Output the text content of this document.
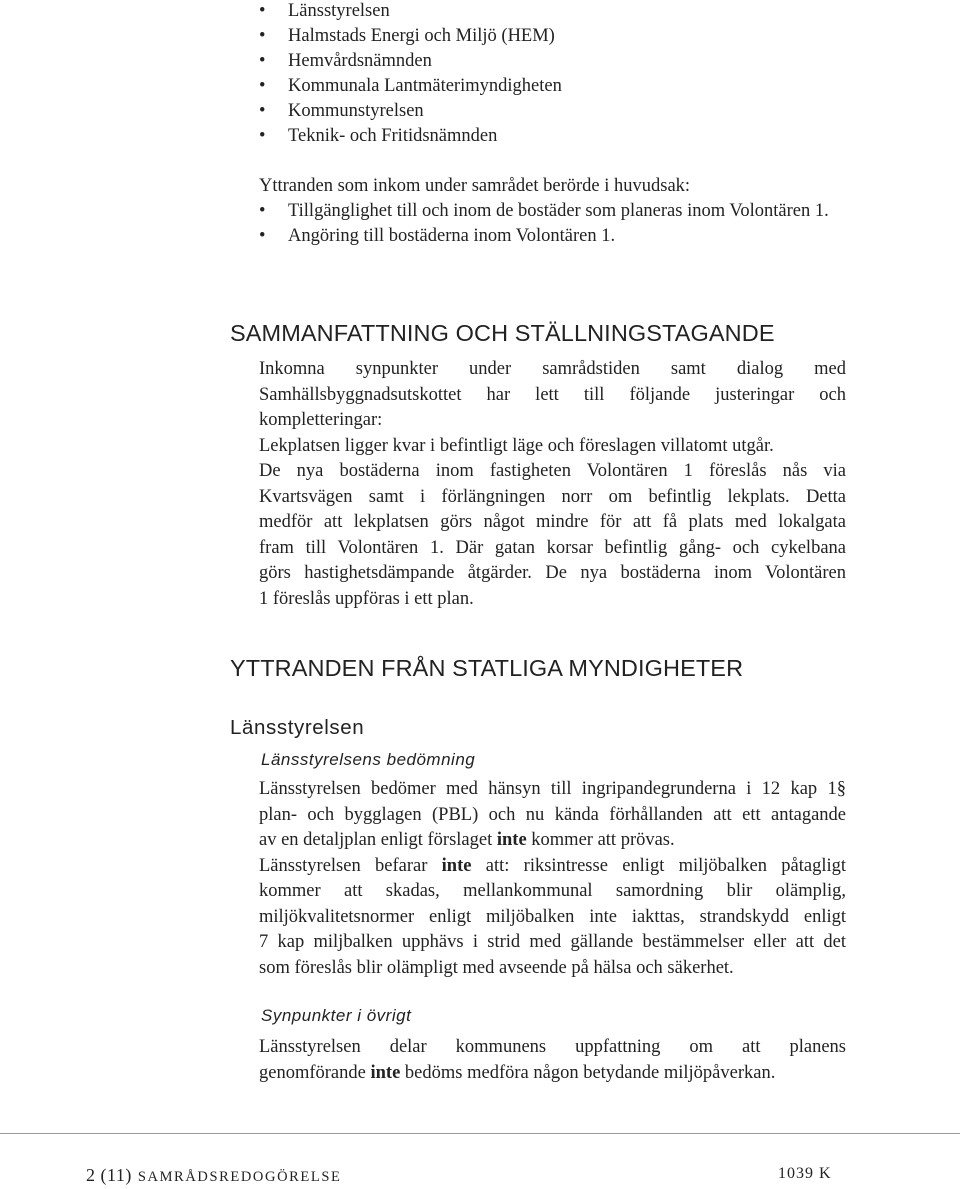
• Länsstyrelsen
• Halmstads Energi och Miljö (HEM)
• Hemvårdsnämnden
• Kommunala Lantmäterimyndigheten
• Kommunstyrelsen
• Teknik- och Fritidsnämnden
Yttranden som inkom under samrådet berörde i huvudsak:
• Tillgänglighet till och inom de bostäder som planeras inom Volontären 1.
• Angöring till bostäderna inom Volontären 1.
SAMMANFATTNING OCH STÄLLNINGSTAGANDE
Inkomna synpunkter under samrådstiden samt dialog med
Samhällsbyggnadsutskottet har lett till följande justeringar och
kompletteringar:
Lekplatsen ligger kvar i befintligt läge och föreslagen villatomt utgår.
De nya bostäderna inom fastigheten Volontären 1 föreslås nås via
Kvartsvägen samt i förlängningen norr om befintlig lekplats. Detta
medför att lekplatsen görs något mindre för att få plats med lokalgata
fram till Volontären 1. Där gatan korsar befintlig gång- och cykelbana
görs hastighetsdämpande åtgärder. De nya bostäderna inom Volontären
1 föreslås uppföras i ett plan.
YTTRANDEN FRÅN STATLIGA MYNDIGHETER
Länsstyrelsen
Länsstyrelsens bedömning
Länsstyrelsen bedömer med hänsyn till ingripandegrunderna i 12 kap 1§
plan- och bygglagen (PBL) och nu kända förhållanden att ett antagande
av en detaljplan enligt förslaget inte kommer att prövas.
Länsstyrelsen befarar inte att: riksintresse enligt miljöbalken påtagligt
kommer att skadas, mellankommunal samordning blir olämplig,
miljökvalitetsnormer enligt miljöbalken inte iakttas, strandskydd enligt
7 kap miljbalken upphävs i strid med gällande bestämmelser eller att det
som föreslås blir olämpligt med avseende på hälsa och säkerhet.
Synpunkter i övrigt
Länsstyrelsen delar kommunens uppfattning om att planens
genomförande inte bedöms medföra någon betydande miljöpåverkan.
2 (11) SAMRÅDSREDOGÖRELSE	1039 K
